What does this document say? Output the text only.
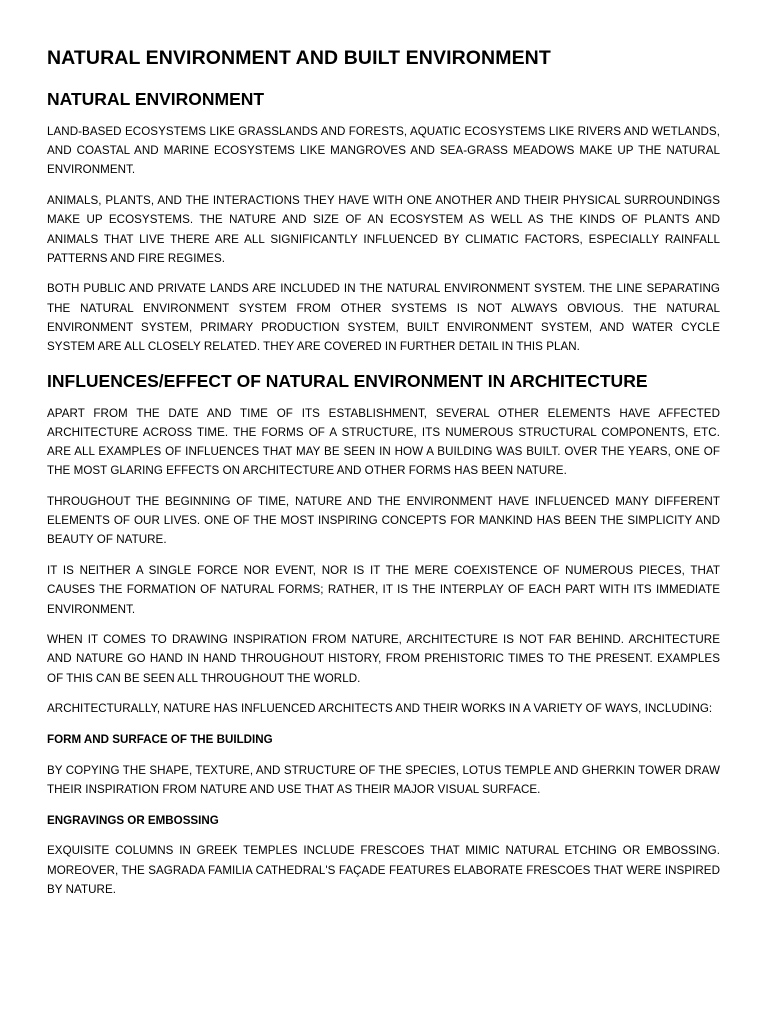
NATURAL ENVIRONMENT AND BUILT ENVIRONMENT
NATURAL ENVIRONMENT

LAND-BASED ECOSYSTEMS LIKE GRASSLANDS AND FORESTS, AQUATIC ECOSYSTEMS LIKE RIVERS AND WETLANDS, AND COASTAL AND MARINE ECOSYSTEMS LIKE MANGROVES AND SEA-GRASS MEADOWS MAKE UP THE NATURAL ENVIRONMENT.

ANIMALS, PLANTS, AND THE INTERACTIONS THEY HAVE WITH ONE ANOTHER AND THEIR PHYSICAL SURROUNDINGS MAKE UP ECOSYSTEMS. THE NATURE AND SIZE OF AN ECOSYSTEM AS WELL AS THE KINDS OF PLANTS AND ANIMALS THAT LIVE THERE ARE ALL SIGNIFICANTLY INFLUENCED BY CLIMATIC FACTORS, ESPECIALLY RAINFALL PATTERNS AND FIRE REGIMES.

BOTH PUBLIC AND PRIVATE LANDS ARE INCLUDED IN THE NATURAL ENVIRONMENT SYSTEM. THE LINE SEPARATING THE NATURAL ENVIRONMENT SYSTEM FROM OTHER SYSTEMS IS NOT ALWAYS OBVIOUS. THE NATURAL ENVIRONMENT SYSTEM, PRIMARY PRODUCTION SYSTEM, BUILT ENVIRONMENT SYSTEM, AND WATER CYCLE SYSTEM ARE ALL CLOSELY RELATED. THEY ARE COVERED IN FURTHER DETAIL IN THIS PLAN.

INFLUENCES/EFFECT OF NATURAL ENVIRONMENT IN ARCHITECTURE

APART FROM THE DATE AND TIME OF ITS ESTABLISHMENT, SEVERAL OTHER ELEMENTS HAVE AFFECTED ARCHITECTURE ACROSS TIME. THE FORMS OF A STRUCTURE, ITS NUMEROUS STRUCTURAL COMPONENTS, ETC. ARE ALL EXAMPLES OF INFLUENCES THAT MAY BE SEEN IN HOW A BUILDING WAS BUILT. OVER THE YEARS, ONE OF THE MOST GLARING EFFECTS ON ARCHITECTURE AND OTHER FORMS HAS BEEN NATURE.

THROUGHOUT THE BEGINNING OF TIME, NATURE AND THE ENVIRONMENT HAVE INFLUENCED MANY DIFFERENT ELEMENTS OF OUR LIVES. ONE OF THE MOST INSPIRING CONCEPTS FOR MANKIND HAS BEEN THE SIMPLICITY AND BEAUTY OF NATURE.

IT IS NEITHER A SINGLE FORCE NOR EVENT, NOR IS IT THE MERE COEXISTENCE OF NUMEROUS PIECES, THAT CAUSES THE FORMATION OF NATURAL FORMS; RATHER, IT IS THE INTERPLAY OF EACH PART WITH ITS IMMEDIATE ENVIRONMENT.

WHEN IT COMES TO DRAWING INSPIRATION FROM NATURE, ARCHITECTURE IS NOT FAR BEHIND. ARCHITECTURE AND NATURE GO HAND IN HAND THROUGHOUT HISTORY, FROM PREHISTORIC TIMES TO THE PRESENT. EXAMPLES OF THIS CAN BE SEEN ALL THROUGHOUT THE WORLD.

ARCHITECTURALLY, NATURE HAS INFLUENCED ARCHITECTS AND THEIR WORKS IN A VARIETY OF WAYS, INCLUDING:

FORM AND SURFACE OF THE BUILDING

BY COPYING THE SHAPE, TEXTURE, AND STRUCTURE OF THE SPECIES, LOTUS TEMPLE AND GHERKIN TOWER DRAW THEIR INSPIRATION FROM NATURE AND USE THAT AS THEIR MAJOR VISUAL SURFACE.

ENGRAVINGS OR EMBOSSING

EXQUISITE COLUMNS IN GREEK TEMPLES INCLUDE FRESCOES THAT MIMIC NATURAL ETCHING OR EMBOSSING. MOREOVER, THE SAGRADA FAMILIA CATHEDRAL'S FAÇADE FEATURES ELABORATE FRESCOES THAT WERE INSPIRED BY NATURE.
